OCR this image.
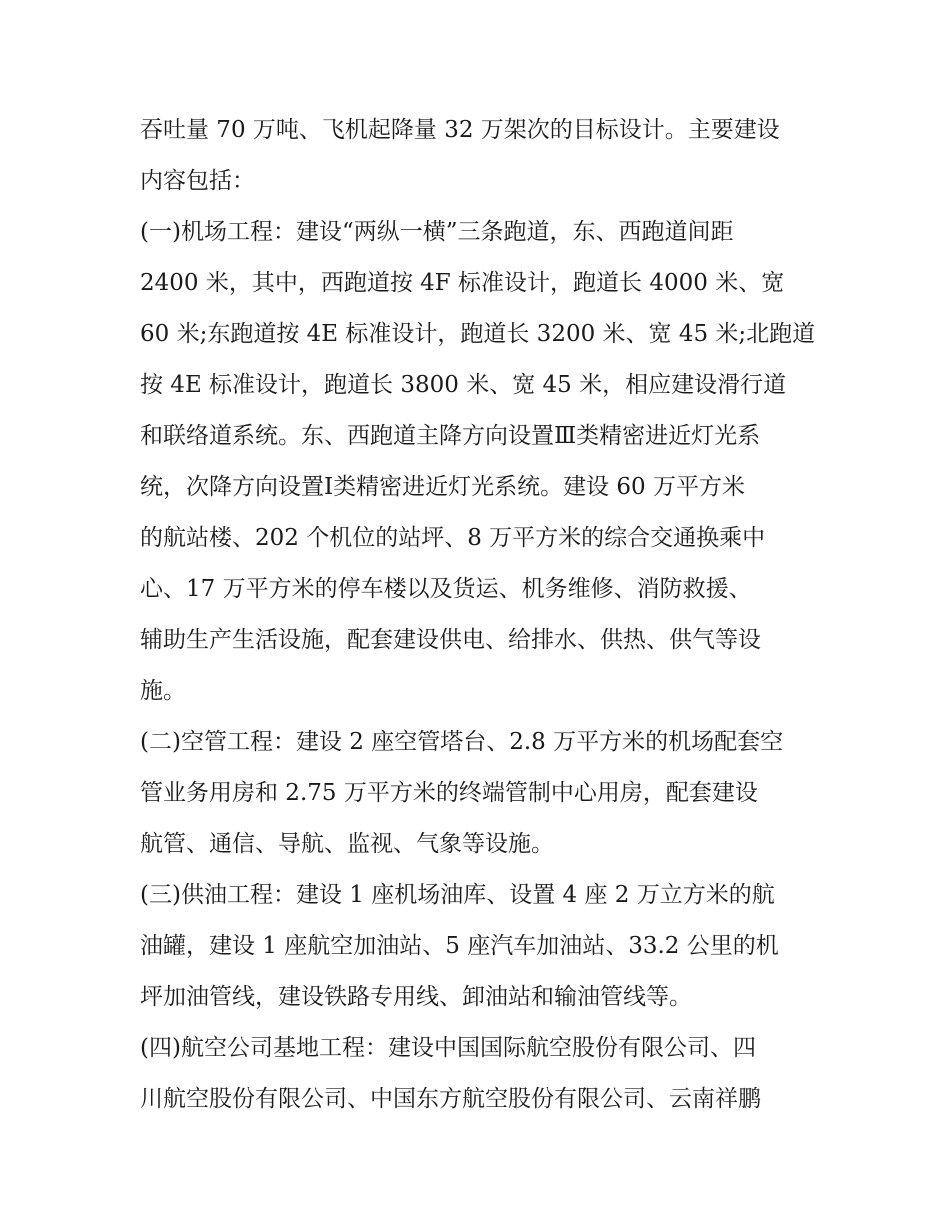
吞吐量 70 万吨、飞机起降量 32 万架次的目标设计。主要建设
内容包括：
(一)机场工程：建设“两纵一横”三条跑道，东、西跑道间距
2400 米，其中，西跑道按 4F 标准设计，跑道长 4000 米、宽
60 米;东跑道按 4E 标准设计，跑道长 3200 米、宽 45 米;北跑道
按 4E 标准设计，跑道长 3800 米、宽 45 米，相应建设滑行道
和联络道系统。东、西跑道主降方向设置Ⅲ类精密进近灯光系
统，次降方向设置Ⅰ类精密进近灯光系统。建设 60 万平方米
的航站楼、202 个机位的站坪、8 万平方米的综合交通换乘中
心、17 万平方米的停车楼以及货运、机务维修、消防救援、
辅助生产生活设施，配套建设供电、给排水、供热、供气等设
施。
(二)空管工程：建设 2 座空管塔台、2.8 万平方米的机场配套空
管业务用房和 2.75 万平方米的终端管制中心用房，配套建设
航管、通信、导航、监视、气象等设施。
(三)供油工程：建设 1 座机场油库、设置 4 座 2 万立方米的航
油罐，建设 1 座航空加油站、5 座汽车加油站、33.2 公里的机
坪加油管线，建设铁路专用线、卸油站和输油管线等。
(四)航空公司基地工程：建设中国国际航空股份有限公司、四
川航空股份有限公司、中国东方航空股份有限公司、云南祥鹏
